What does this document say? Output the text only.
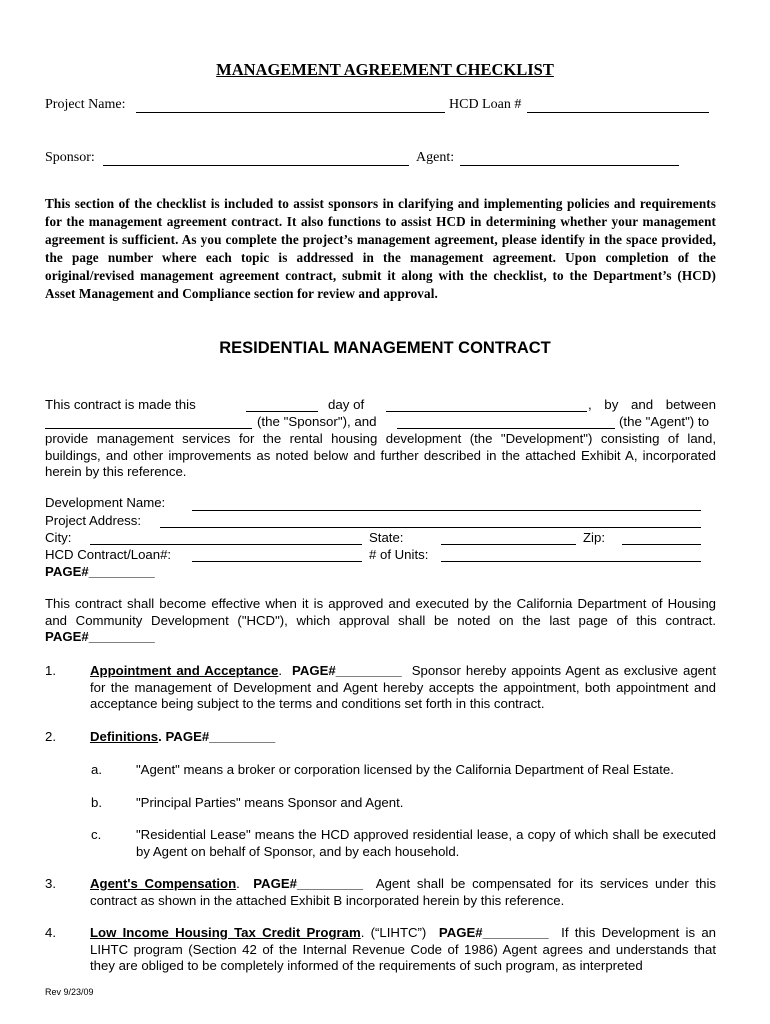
MANAGEMENT AGREEMENT CHECKLIST
Project Name:	HCD Loan #
Sponsor:	Agent:
This section of the checklist is included to assist sponsors in clarifying and implementing policies and requirements for the management agreement contract. It also functions to assist HCD in determining whether your management agreement is sufficient. As you complete the project’s management agreement, please identify in the space provided, the page number where each topic is addressed in the management agreement. Upon completion of the original/revised management agreement contract, submit it along with the checklist, to the Department’s (HCD) Asset Management and Compliance section for review and approval.
RESIDENTIAL MANAGEMENT CONTRACT
This contract is made this	day of	, by and between
(the "Sponsor"), and	(the "Agent") to
provide management services for the rental housing development (the "Development") consisting of land, buildings, and other improvements as noted below and further described in the attached Exhibit A, incorporated herein by this reference.
Development Name:
Project Address:
City:	State:	Zip:
HCD Contract/Loan#:	# of Units:
PAGE#_________
This contract shall become effective when it is approved and executed by the California Department of Housing and Community Development ("HCD"), which approval shall be noted on the last page of this contract. PAGE#_________
1.	Appointment and Acceptance.  PAGE#_________ Sponsor hereby appoints Agent as exclusive agent for the management of Development and Agent hereby accepts the appointment, both appointment and acceptance being subject to the terms and conditions set forth in this contract.
2.	Definitions. PAGE#_________
a.	"Agent" means a broker or corporation licensed by the California Department of Real Estate.
b.	"Principal Parties" means Sponsor and Agent.
c.	"Residential Lease" means the HCD approved residential lease, a copy of which shall be executed by Agent on behalf of Sponsor, and by each household.
3.	Agent's Compensation.  PAGE#_________ Agent shall be compensated for its services under this contract as shown in the attached Exhibit B incorporated herein by this reference.
4.	Low Income Housing Tax Credit Program. (“LIHTC”) PAGE#_________ If this Development is an LIHTC program (Section 42 of the Internal Revenue Code of 1986) Agent agrees and understands that they are obliged to be completely informed of the requirements of such program, as interpreted
Rev 9/23/09
